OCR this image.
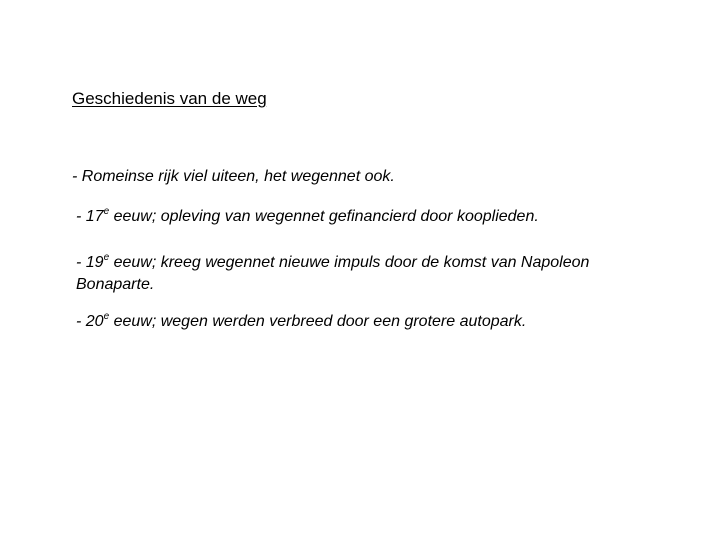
Geschiedenis van de weg
- Romeinse rijk viel uiteen, het wegennet ook.
- 17e eeuw; opleving van wegennet gefinancierd door kooplieden.
- 19e eeuw; kreeg wegennet nieuwe impuls door de komst van Napoleon
Bonaparte.
- 20e eeuw; wegen werden verbreed door een grotere autopark.
